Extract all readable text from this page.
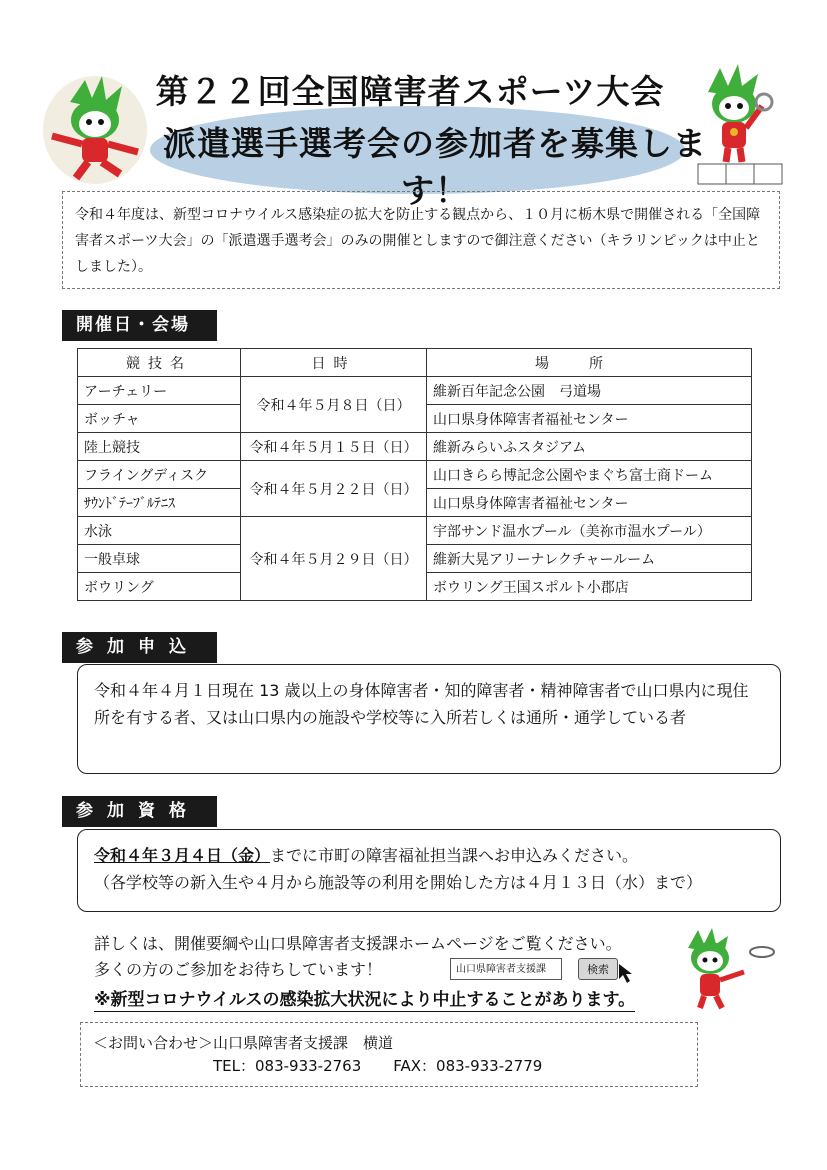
第２２回全国障害者スポーツ大会
派遣選手選考会の参加者を募集します！
令和４年度は、新型コロナウイルス感染症の拡大を防止する観点から、１０月に栃木県で開催される「全国障害者スポーツ大会」の「派遣選手選考会」のみの開催としますので御注意ください（キラリンピックは中止としました）。
開催日・会場
競技名	日時	場所
アーチェリー	令和４年５月８日（日）	維新百年記念公園　弓道場
ボッチャ		山口県身体障害者福祉センター
陸上競技	令和４年５月１５日（日）	維新みらいふスタジアム
フライングディスク	令和４年５月２２日（日）	山口きらら博記念公園やまぐち富士商ドーム
ｻｳﾝﾄﾞﾃｰﾌﾞﾙﾃﾆｽ		山口県身体障害者福祉センター
水泳	令和４年５月２９日（日）	宇部サンド温水プール（美祢市温水プール）
一般卓球		維新大晃アリーナレクチャールーム
ボウリング		ボウリング王国スポルト小郡店
参加申込
令和４年４月１日現在 13 歳以上の身体障害者・知的障害者・精神障害者で山口県内に現住所を有する者、又は山口県内の施設や学校等に入所若しくは通所・通学している者
参加資格
令和４年３月４日（金）までに市町の障害福祉担当課へお申込みください。
（各学校等の新入生や４月から施設等の利用を開始した方は４月１３日（水）まで）
詳しくは、開催要綱や山口県障害者支援課ホームページをご覧ください。
多くの方のご参加をお待ちしています！	山口県障害者支援課	検索
※新型コロナウイルスの感染拡大状況により中止することがあります。
＜お問い合わせ＞山口県障害者支援課　横道
TEL：083-933-2763 FAX：083-933-2779
